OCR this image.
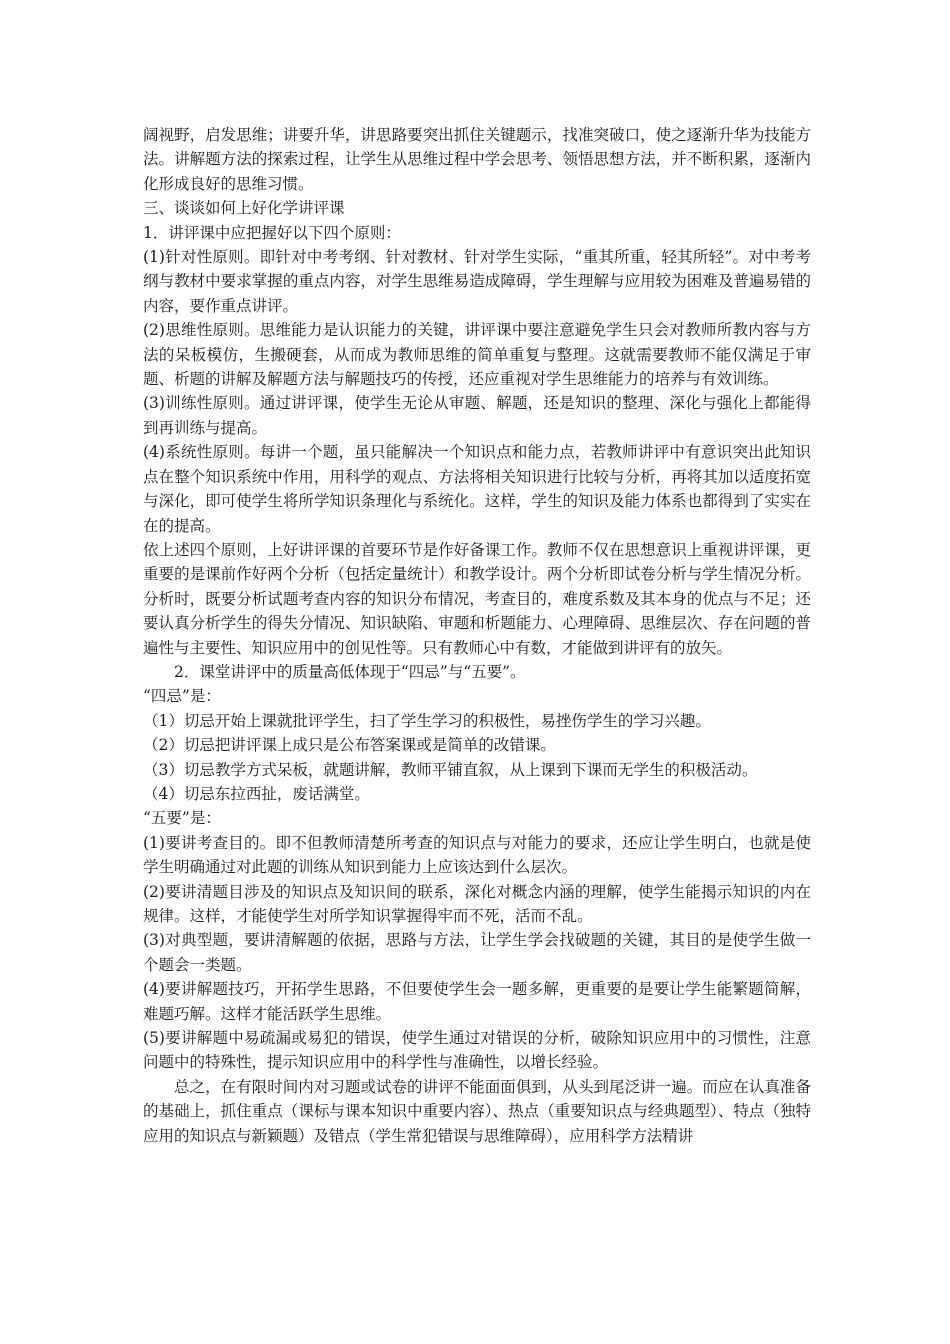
阔视野，启发思维；讲要升华，讲思路要突出抓住关键题示，找准突破口，使之逐渐升华为技能方法。讲解题方法的探索过程，让学生从思维过程中学会思考、领悟思想方法，并不断积累，逐渐内化形成良好的思维习惯。

三、谈谈如何上好化学讲评课

1．讲评课中应把握好以下四个原则：

(1)针对性原则。即针对中考考纲、针对教材、针对学生实际，“重其所重，轻其所轻”。对中考考纲与教材中要求掌握的重点内容，对学生思维易造成障碍，学生理解与应用较为困难及普遍易错的内容，要作重点讲评。

(2)思维性原则。思维能力是认识能力的关键，讲评课中要注意避免学生只会对教师所教内容与方法的呆板模仿，生搬硬套，从而成为教师思维的简单重复与整理。这就需要教师不能仅满足于审题、析题的讲解及解题方法与解题技巧的传授，还应重视对学生思维能力的培养与有效训练。

(3)训练性原则。通过讲评课，使学生无论从审题、解题，还是知识的整理、深化与强化上都能得到再训练与提高。

(4)系统性原则。每讲一个题，虽只能解决一个知识点和能力点，若教师讲评中有意识突出此知识点在整个知识系统中作用，用科学的观点、方法将相关知识进行比较与分析，再将其加以适度拓宽与深化，即可使学生将所学知识条理化与系统化。这样，学生的知识及能力体系也都得到了实实在在的提高。

依上述四个原则，上好讲评课的首要环节是作好备课工作。教师不仅在思想意识上重视讲评课，更重要的是课前作好两个分析（包括定量统计）和教学设计。两个分析即试卷分析与学生情况分析。分析时，既要分析试题考查内容的知识分布情况，考查目的，难度系数及其本身的优点与不足；还要认真分析学生的得失分情况、知识缺陷、审题和析题能力、心理障碍、思维层次、存在问题的普遍性与主要性、知识应用中的创见性等。只有教师心中有数，才能做到讲评有的放矢。

2．课堂讲评中的质量高低体现于“四忌”与“五要”。

“四忌”是：

（1）切忌开始上课就批评学生，扫了学生学习的积极性，易挫伤学生的学习兴趣。

（2）切忌把讲评课上成只是公布答案课或是简单的改错课。

（3）切忌教学方式呆板，就题讲解，教师平铺直叙，从上课到下课而无学生的积极活动。

（4）切忌东拉西扯，废话满堂。

“五要”是：

(1)要讲考查目的。即不但教师清楚所考查的知识点与对能力的要求，还应让学生明白，也就是使学生明确通过对此题的训练从知识到能力上应该达到什么层次。

(2)要讲清题目涉及的知识点及知识间的联系，深化对概念内涵的理解，使学生能揭示知识的内在规律。这样，才能使学生对所学知识掌握得牢而不死，活而不乱。

(3)对典型题，要讲清解题的依据，思路与方法，让学生学会找破题的关键，其目的是使学生做一个题会一类题。

(4)要讲解题技巧，开拓学生思路，不但要使学生会一题多解，更重要的是要让学生能繁题简解，难题巧解。这样才能活跃学生思维。

(5)要讲解题中易疏漏或易犯的错误，使学生通过对错误的分析，破除知识应用中的习惯性，注意问题中的特殊性，提示知识应用中的科学性与准确性，以增长经验。

总之，在有限时间内对习题或试卷的讲评不能面面俱到，从头到尾泛讲一遍。而应在认真准备的基础上，抓住重点（课标与课本知识中重要内容）、热点（重要知识点与经典题型）、特点（独特应用的知识点与新颖题）及错点（学生常犯错误与思维障碍），应用科学方法精讲
